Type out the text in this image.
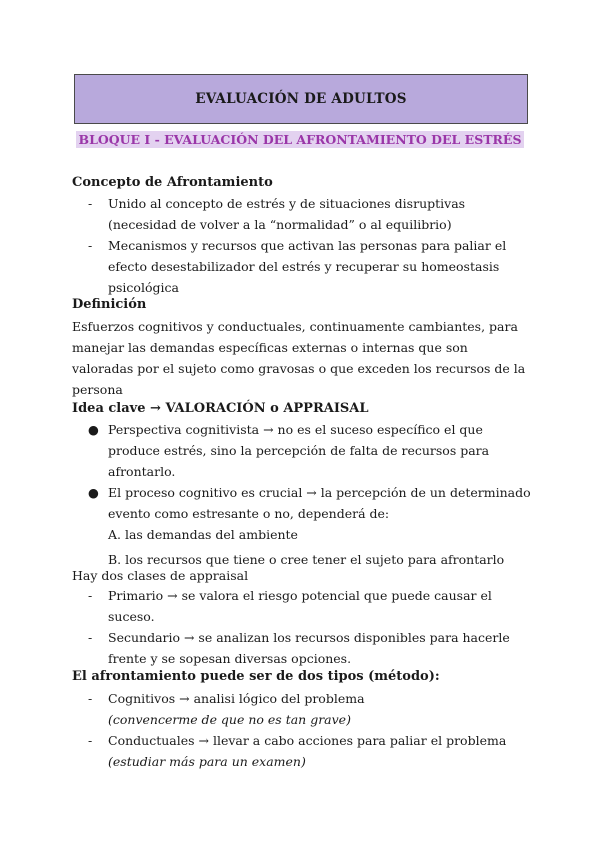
EVALUACIÓN DE ADULTOS
BLOQUE I - EVALUACIÓN DEL AFRONTAMIENTO DEL ESTRÉS
Concepto de Afrontamiento
-	Unido al concepto de estrés y de situaciones disruptivas (necesidad de volver a la “normalidad” o al equilibrio)
-	Mecanismos y recursos que activan las personas para paliar el efecto desestabilizador del estrés y recuperar su homeostasis psicológica
Definición
Esfuerzos cognitivos y conductuales, continuamente cambiantes, para manejar las demandas específicas externas o internas que son valoradas por el sujeto como gravosas o que exceden los recursos de la persona
Idea clave → VALORACIÓN o APPRAISAL
● Perspectiva cognitivista → no es el suceso específico el que produce estrés, sino la percepción de falta de recursos para afrontarlo.
● El proceso cognitivo es crucial → la percepción de un determinado evento como estresante o no, dependerá de:
A. las demandas del ambiente
B. los recursos que tiene o cree tener el sujeto para afrontarlo
Hay dos clases de appraisal
-	Primario → se valora el riesgo potencial que puede causar el suceso.
-	Secundario → se analizan los recursos disponibles para hacerle frente y se sopesan diversas opciones.
El afrontamiento puede ser de dos tipos (método):
-	Cognitivos → analisi lógico del problema
(convencerme de que no es tan grave)
-	Conductuales → llevar a cabo acciones para paliar el problema
(estudiar más para un examen)
